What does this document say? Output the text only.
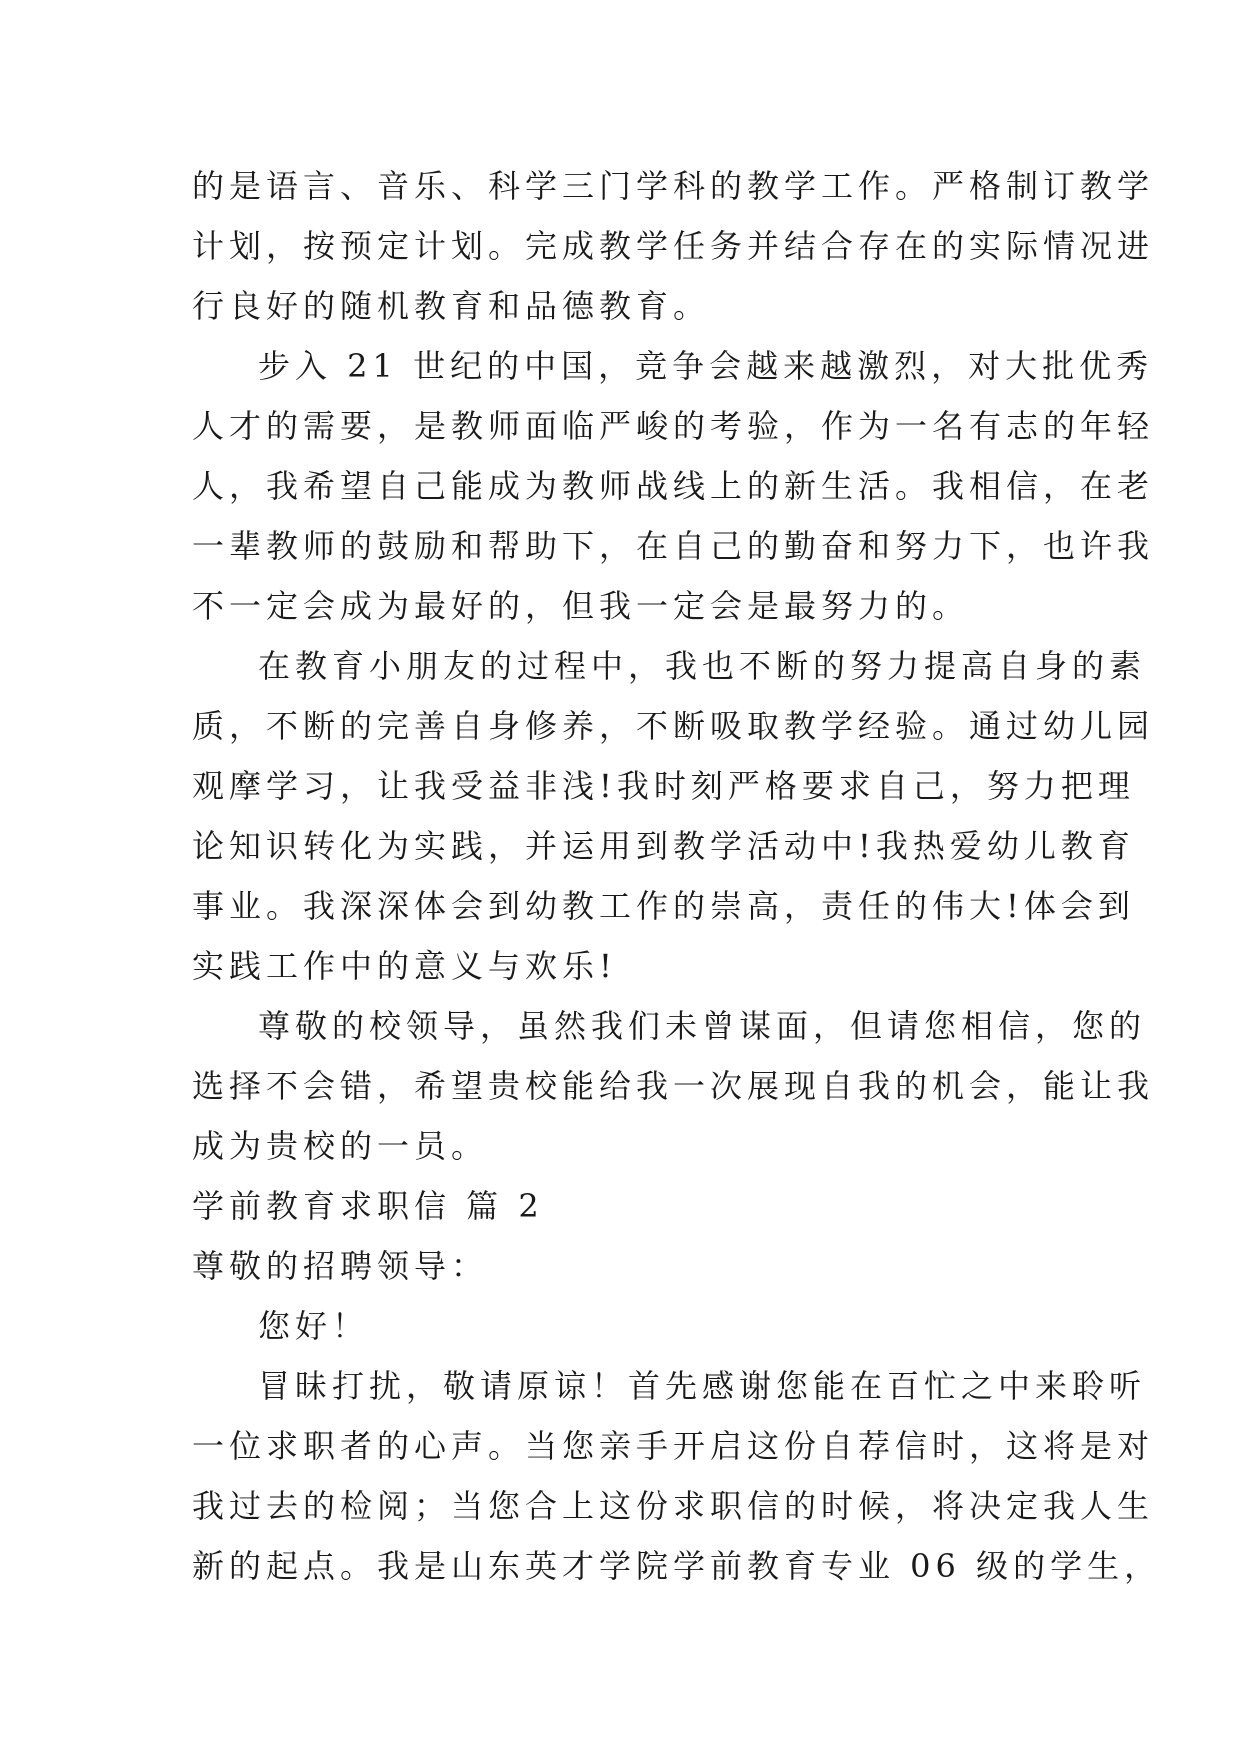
的是语言、音乐、科学三门学科的教学工作。严格制订教学
计划，按预定计划。完成教学任务并结合存在的实际情况进
行良好的随机教育和品德教育。
步入 21 世纪的中国，竞争会越来越激烈，对大批优秀
人才的需要，是教师面临严峻的考验，作为一名有志的年轻
人，我希望自己能成为教师战线上的新生活。我相信，在老
一辈教师的鼓励和帮助下，在自己的勤奋和努力下，也许我
不一定会成为最好的，但我一定会是最努力的。
在教育小朋友的过程中，我也不断的努力提高自身的素
质，不断的完善自身修养，不断吸取教学经验。通过幼儿园
观摩学习，让我受益非浅!我时刻严格要求自己，努力把理
论知识转化为实践，并运用到教学活动中!我热爱幼儿教育
事业。我深深体会到幼教工作的崇高，责任的伟大!体会到
实践工作中的意义与欢乐!
尊敬的校领导，虽然我们未曾谋面，但请您相信，您的
选择不会错，希望贵校能给我一次展现自我的机会，能让我
成为贵校的一员。
学前教育求职信 篇 2
尊敬的招聘领导：
您好！
冒昧打扰，敬请原谅！首先感谢您能在百忙之中来聆听
一位求职者的心声。当您亲手开启这份自荐信时，这将是对
我过去的检阅；当您合上这份求职信的时候，将决定我人生
新的起点。我是山东英才学院学前教育专业 06 级的学生，
